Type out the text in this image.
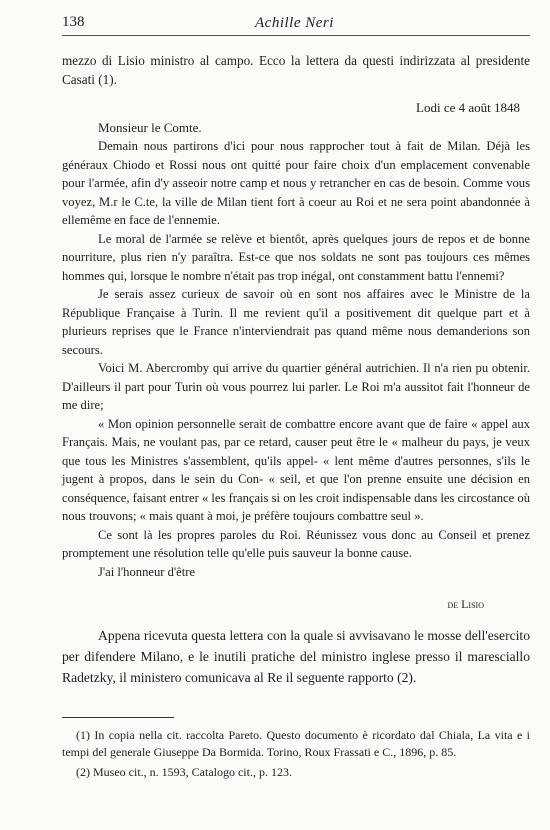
138	Achille Neri

mezzo di Lisio ministro al campo. Ecco la lettera da questi indirizzata al presidente Casati (1).

Lodi ce 4 août 1848
Monsieur le Comte.

Demain nous partirons d'ici pour nous rapprocher tout à fait de Milan. Déjà les généraux Chiodo et Rossi nous ont quitté pour faire choix d'un emplacement convenable pour l'armée, afin d'y asseoir notre camp et nous y retrancher en cas de besoin. Comme vous voyez, M.r le C.te, la ville de Milan tient fort à coeur au Roi et ne sera point abandonnée à ellemême en face de l'ennemie.

Le moral de l'armée se relève et bientôt, après quelques jours de repos et de bonne nourriture, plus rien n'y paraîtra. Est-ce que nos soldats ne sont pas toujours ces mêmes hommes qui, lorsque le nombre n'était pas trop inégal, ont constamment battu l'ennemi?

Je serais assez curieux de savoir où en sont nos affaires avec le Ministre de la République Française à Turin. Il me revient qu'il a positivement dit quelque part et à plurieurs reprises que le France n'interviendrait pas quand même nous demanderions son secours.

Voici M. Abercromby qui arrive du quartier général autrichien. Il n'a rien pu obtenir. D'ailleurs il part pour Turin où vous pourrez lui parler. Le Roi m'a aussitot fait l'honneur de me dire;

« Mon opinion personnelle serait de combattre encore avant que de faire « appel aux Français. Mais, ne voulant pas, par ce retard, causer peut être le « malheur du pays, je veux que tous les Ministres s'assemblent, qu'ils appel- « lent même d'autres personnes, s'ils le jugent à propos, dans le sein du Con- « seil, et que l'on prenne ensuite une décision en conséquence, faisant entrer « les français si on les croit indispensable dans les circostance où nous trouvons; « mais quant à moi, je préfère toujours combattre seul ».

Ce sont là les propres paroles du Roi. Réunissez vous donc au Conseil et prenez promptement une résolution telle qu'elle puis sauveur la bonne cause.

J'ai l'honneur d'être

de Lisio

Appena ricevuta questa lettera con la quale si avvisavano le mosse dell'esercito per difendere Milano, e le inutili pratiche del ministro inglese presso il maresciallo Radetzky, il ministero comunicava al Re il seguente rapporto (2).

(1) In copia nella cit. raccolta Pareto. Questo documento è ricordato dal Chiala, La vita e i tempi del generale Giuseppe Da Bormida. Torino, Roux Frassati e C., 1896, p. 85.

(2) Museo cit., n. 1593, Catalogo cit., p. 123.
